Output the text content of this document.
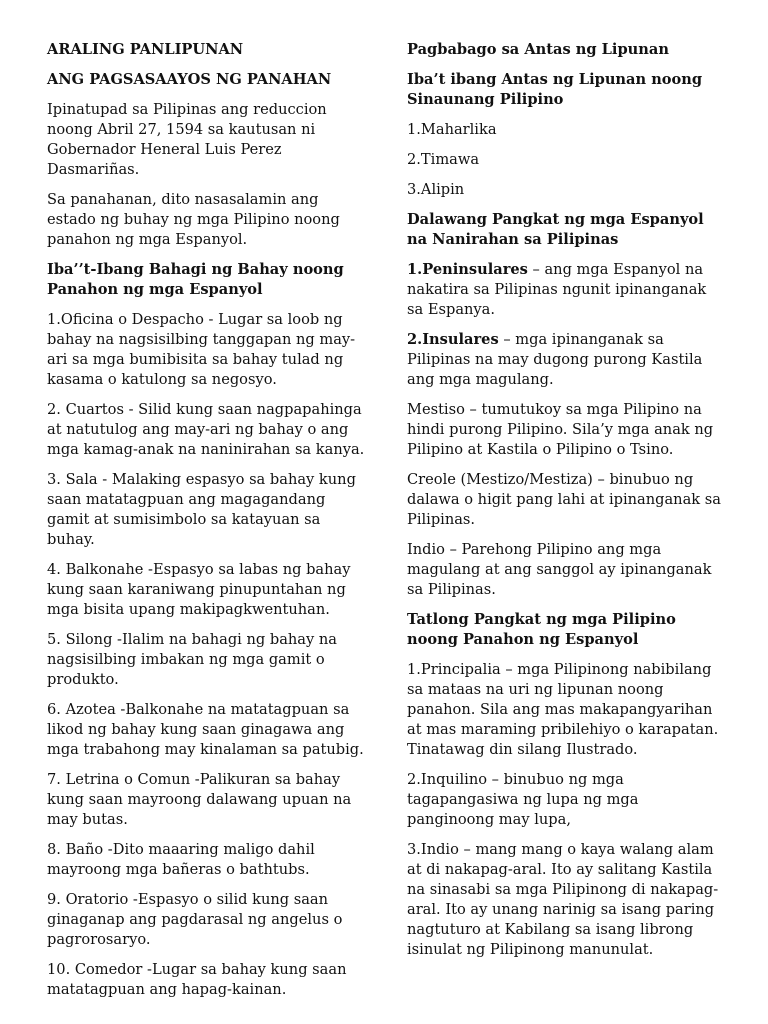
ARALING PANLIPUNAN

ANG PAGSASAAYOS NG PANAHAN

Ipinatupad sa Pilipinas ang reduccion noong Abril 27, 1594 sa kautusan ni Gobernador Heneral Luis Perez Dasmariñas.

Sa panahanan, dito nasasalamin ang estado ng buhay ng mga Pilipino noong panahon ng mga Espanyol.

Iba’’t-Ibang Bahagi ng Bahay noong Panahon ng mga Espanyol

1.Oficina o Despacho - Lugar sa loob ng bahay na nagsisilbing tanggapan ng may-ari sa mga bumibisita sa bahay tulad ng kasama o katulong sa negosyo.

2. Cuartos - Silid kung saan nagpapahinga at natutulog ang may-ari ng bahay o ang mga kamag-anak na naninirahan sa kanya.

3. Sala - Malaking espasyo sa bahay kung saan matatagpuan ang magagandang gamit at sumisimbolo sa katayuan sa buhay.

4. Balkonahe -Espasyo sa labas ng bahay kung saan karaniwang pinupuntahan ng mga bisita upang makipagkwentuhan.

5. Silong -Ilalim na bahagi ng bahay na nagsisilbing imbakan ng mga gamit o produkto.

6. Azotea -Balkonahe na matatagpuan sa likod ng bahay kung saan ginagawa ang mga trabahong may kinalaman sa patubig.

7. Letrina o Comun -Palikuran sa bahay kung saan mayroong dalawang upuan na may butas.

8. Baño -Dito maaaring maligo dahil mayroong mga bañeras o bathtubs.

9. Oratorio -Espasyo o silid kung saan ginaganap ang pagdarasal ng angelus o pagrorosaryo.

10. Comedor -Lugar sa bahay kung saan matatagpuan ang hapag-kainan.

Pagbabago sa Antas ng Lipunan

Iba’t ibang Antas ng Lipunan noong Sinaunang Pilipino

1.Maharlika

2.Timawa

3.Alipin

Dalawang Pangkat ng mga Espanyol na Nanirahan sa Pilipinas

1.Peninsulares – ang mga Espanyol na nakatira sa Pilipinas ngunit ipinanganak sa Espanya.

2.Insulares – mga ipinanganak sa Pilipinas na may dugong purong Kastila ang mga magulang.

Mestiso – tumutukoy sa mga Pilipino na hindi purong Pilipino. Sila’y mga anak ng Pilipino at Kastila o Pilipino o Tsino.

Creole (Mestizo/Mestiza) – binubuo ng dalawa o higit pang lahi at ipinanganak sa Pilipinas.

Indio – Parehong Pilipino ang mga magulang at ang sanggol ay ipinanganak sa Pilipinas.

Tatlong Pangkat ng mga Pilipino noong Panahon ng Espanyol

1.Principalia – mga Pilipinong nabibilang sa mataas na uri ng lipunan noong panahon. Sila ang mas makapangyarihan at mas maraming pribilehiyo o karapatan. Tinatawag din silang Ilustrado.

2.Inquilino – binubuo ng mga tagapangasiwa ng lupa ng mga panginoong may lupa,

3.Indio – mang mang o kaya walang alam at di nakapag-aral. Ito ay salitang Kastila na sinasabi sa mga Pilipinong di nakapag-aral. Ito ay unang narinig sa isang paring nagtuturo at Kabilang sa isang librong isinulat ng Pilipinong manunulat.
